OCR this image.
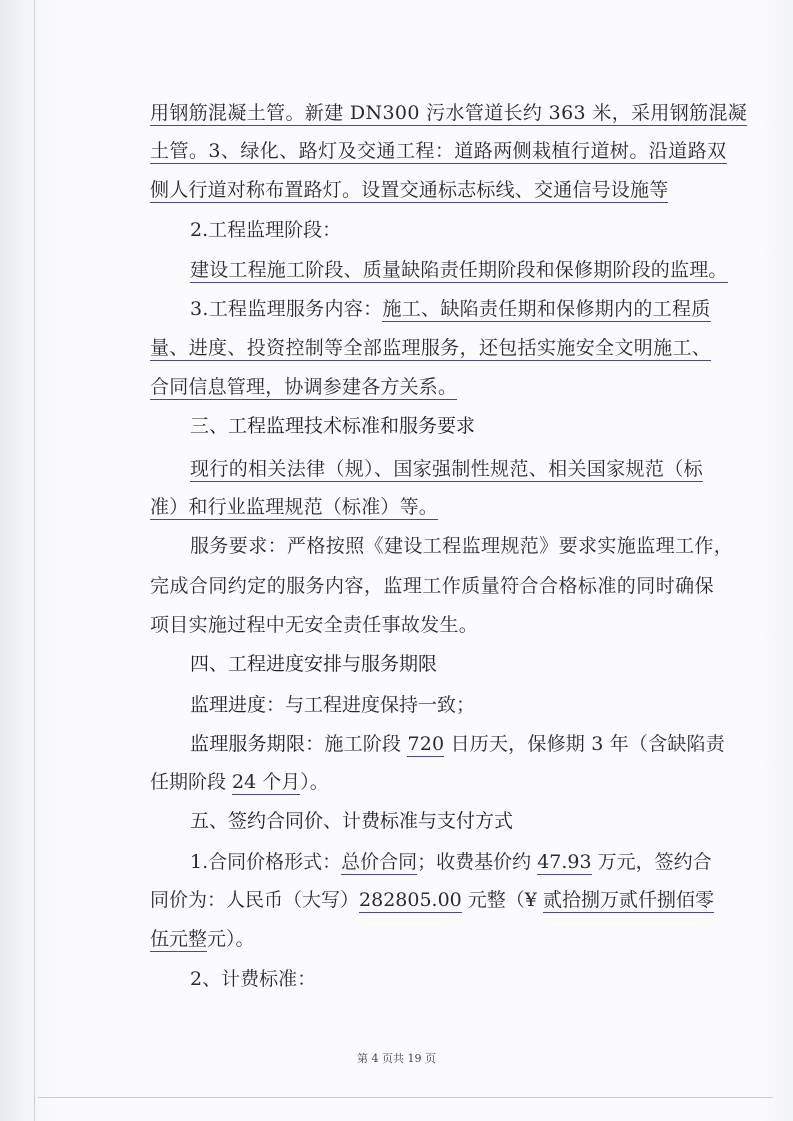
用钢筋混凝土管。新建 DN300 污水管道长约 363 米，采用钢筋混凝
土管。3、绿化、路灯及交通工程：道路两侧栽植行道树。沿道路双
侧人行道对称布置路灯。设置交通标志标线、交通信号设施等
2.工程监理阶段：
建设工程施工阶段、质量缺陷责任期阶段和保修期阶段的监理。
3.工程监理服务内容：施工、缺陷责任期和保修期内的工程质
量、进度、投资控制等全部监理服务，还包括实施安全文明施工、
合同信息管理，协调参建各方关系。
三、工程监理技术标准和服务要求
现行的相关法律（规）、国家强制性规范、相关国家规范（标
准）和行业监理规范（标准）等。
服务要求：严格按照《建设工程监理规范》要求实施监理工作，
完成合同约定的服务内容，监理工作质量符合合格标准的同时确保
项目实施过程中无安全责任事故发生。
四、工程进度安排与服务期限
监理进度：与工程进度保持一致；
监理服务期限：施工阶段 720 日历天，保修期 3 年（含缺陷责
任期阶段 24 个月）。
五、签约合同价、计费标准与支付方式
1.合同价格形式：总价合同；收费基价约 47.93 万元，签约合
同价为：人民币（大写）282805.00 元整（¥ 贰拾捌万贰仟捌佰零
伍元整元）。
2、计费标准：
第 4 页共 19 页
